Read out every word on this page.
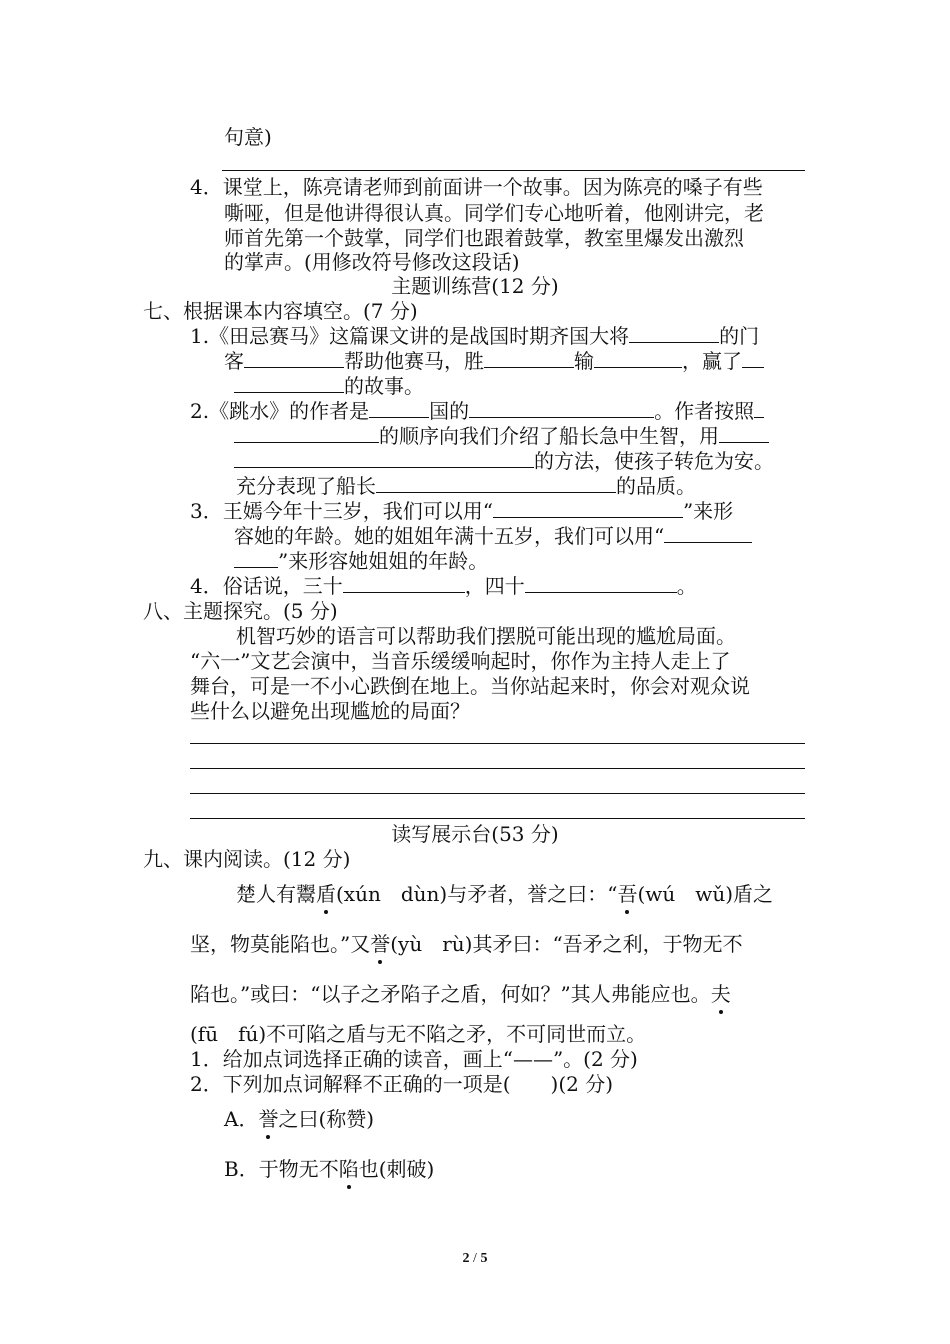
句意)
4．课堂上，陈亮请老师到前面讲一个故事。因为陈亮的嗓子有些
嘶哑，但是他讲得很认真。同学们专心地听着，他刚讲完，老
师首先第一个鼓掌，同学们也跟着鼓掌，教室里爆发出激烈
的掌声。(用修改符号修改这段话)
主题训练营(12 分)
七、根据课本内容填空。(7 分)
1.《田忌赛马》这篇课文讲的是战国时期齐国大将	的门
客	帮助他赛马，胜	输	，赢了
的故事。
2.《跳水》的作者是	国的	。作者按照
的顺序向我们介绍了船长急中生智，用
的方法，使孩子转危为安。
充分表现了船长	的品质。
3．王嫣今年十三岁，我们可以用“	”来形
容她的年龄。她的姐姐年满十五岁，我们可以用“
”来形容她姐姐的年龄。
4．俗话说，三十	，四十	。
八、主题探究。(5 分)
机智巧妙的语言可以帮助我们摆脱可能出现的尴尬局面。
“六一”文艺会演中，当音乐缓缓响起时，你作为主持人走上了
舞台，可是一不小心跌倒在地上。当你站起来时，你会对观众说
些什么以避免出现尴尬的局面？
读写展示台(53 分)
九、课内阅读。(12 分)
楚人有鬻盾(xún　dùn)与矛者，誉之曰：“吾(wú　wǔ)盾之
坚，物莫能陷也。”又誉(yù　rù)其矛曰：“吾矛之利，于物无不
陷也。”或曰：“以子之矛陷子之盾，何如？”其人弗能应也。夫
(fū　fú)不可陷之盾与无不陷之矛，不可同世而立。
1．给加点词选择正确的读音，画上“——”。(2 分)
2．下列加点词解释不正确的一项是(　　)(2 分)
A．誉之曰(称赞)
B．于物无不陷也(刺破)
2 / 5
